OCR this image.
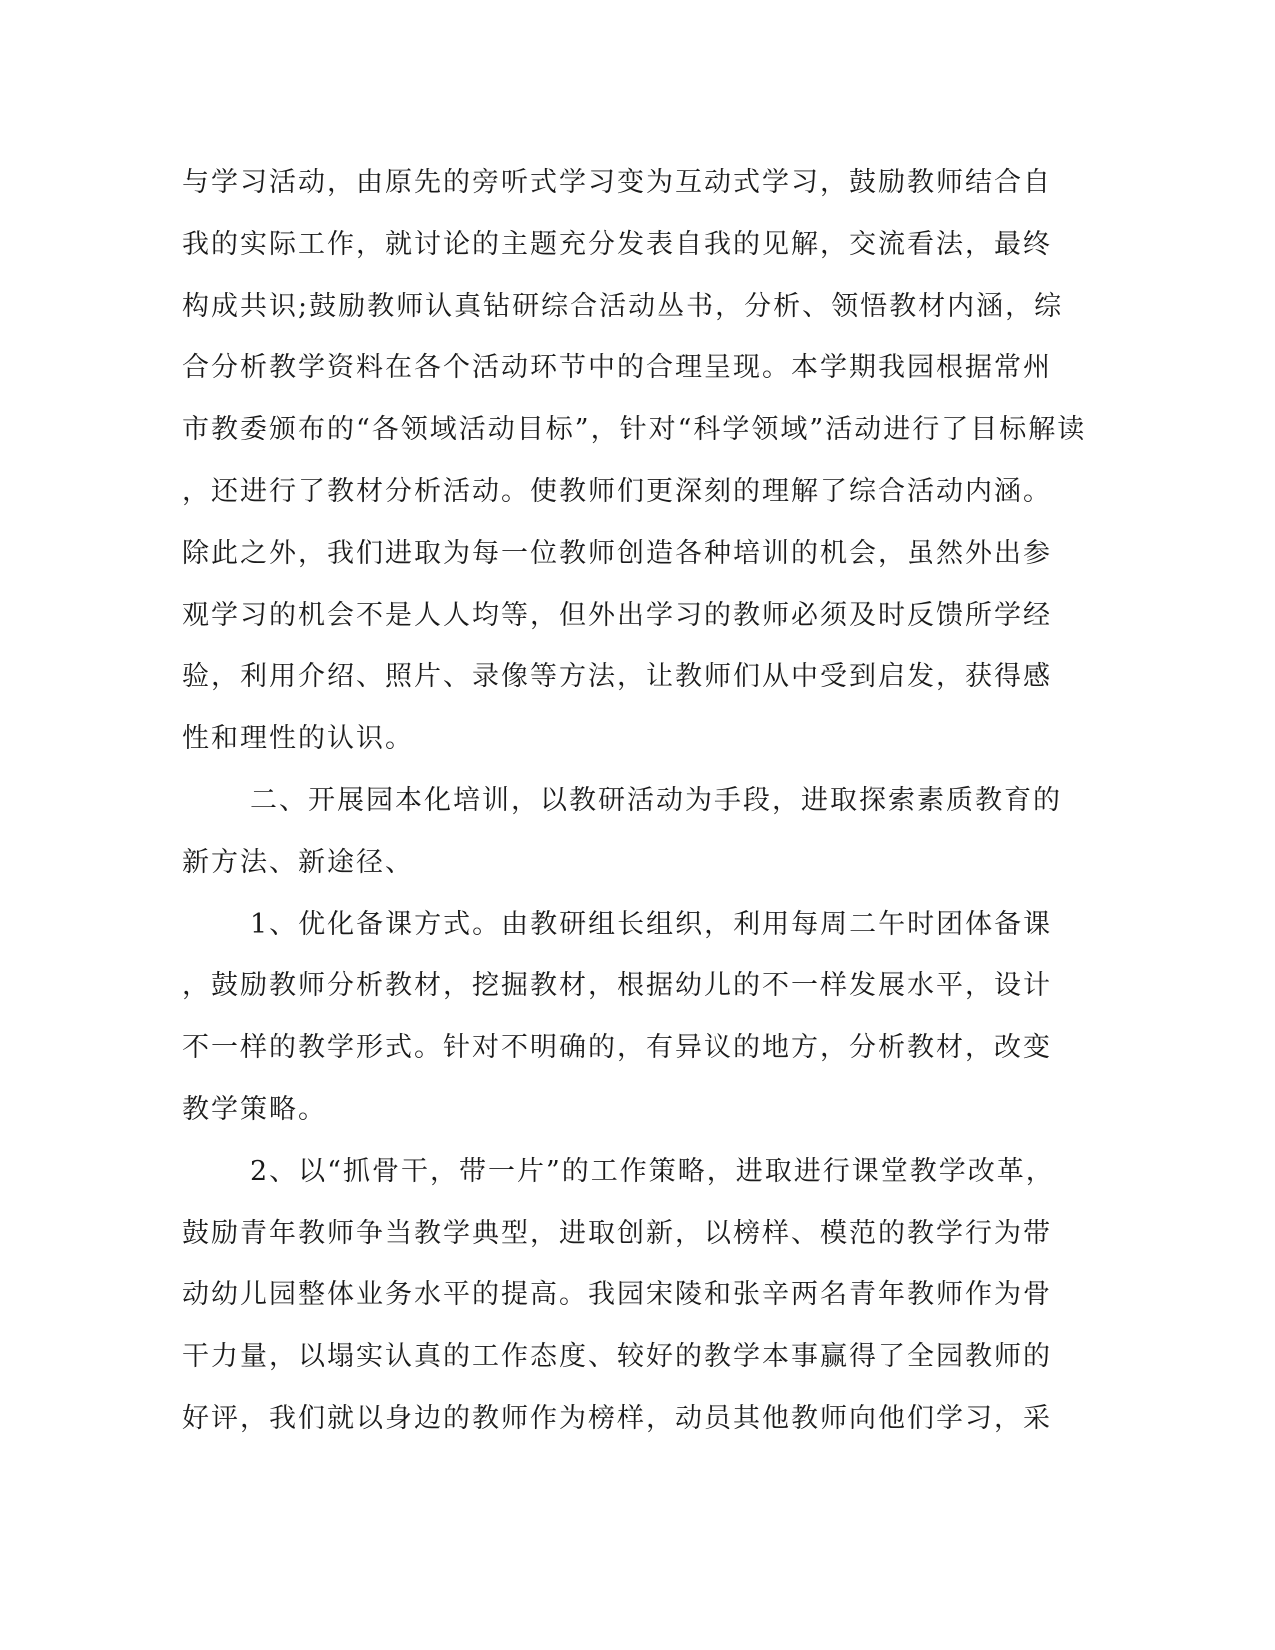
与学习活动，由原先的旁听式学习变为互动式学习，鼓励教师结合自
我的实际工作，就讨论的主题充分发表自我的见解，交流看法，最终
构成共识;鼓励教师认真钻研综合活动丛书，分析、领悟教材内涵，综
合分析教学资料在各个活动环节中的合理呈现。本学期我园根据常州
市教委颁布的“各领域活动目标”，针对“科学领域”活动进行了目标解读
，还进行了教材分析活动。使教师们更深刻的理解了综合活动内涵。
除此之外，我们进取为每一位教师创造各种培训的机会，虽然外出参
观学习的机会不是人人均等，但外出学习的教师必须及时反馈所学经
验，利用介绍、照片、录像等方法，让教师们从中受到启发，获得感
性和理性的认识。
二、开展园本化培训，以教研活动为手段，进取探索素质教育的
新方法、新途径、
1、优化备课方式。由教研组长组织，利用每周二午时团体备课
，鼓励教师分析教材，挖掘教材，根据幼儿的不一样发展水平，设计
不一样的教学形式。针对不明确的，有异议的地方，分析教材，改变
教学策略。
2、以“抓骨干，带一片”的工作策略，进取进行课堂教学改革，
鼓励青年教师争当教学典型，进取创新，以榜样、模范的教学行为带
动幼儿园整体业务水平的提高。我园宋陵和张辛两名青年教师作为骨
干力量，以塌实认真的工作态度、较好的教学本事赢得了全园教师的
好评，我们就以身边的教师作为榜样，动员其他教师向他们学习，采
